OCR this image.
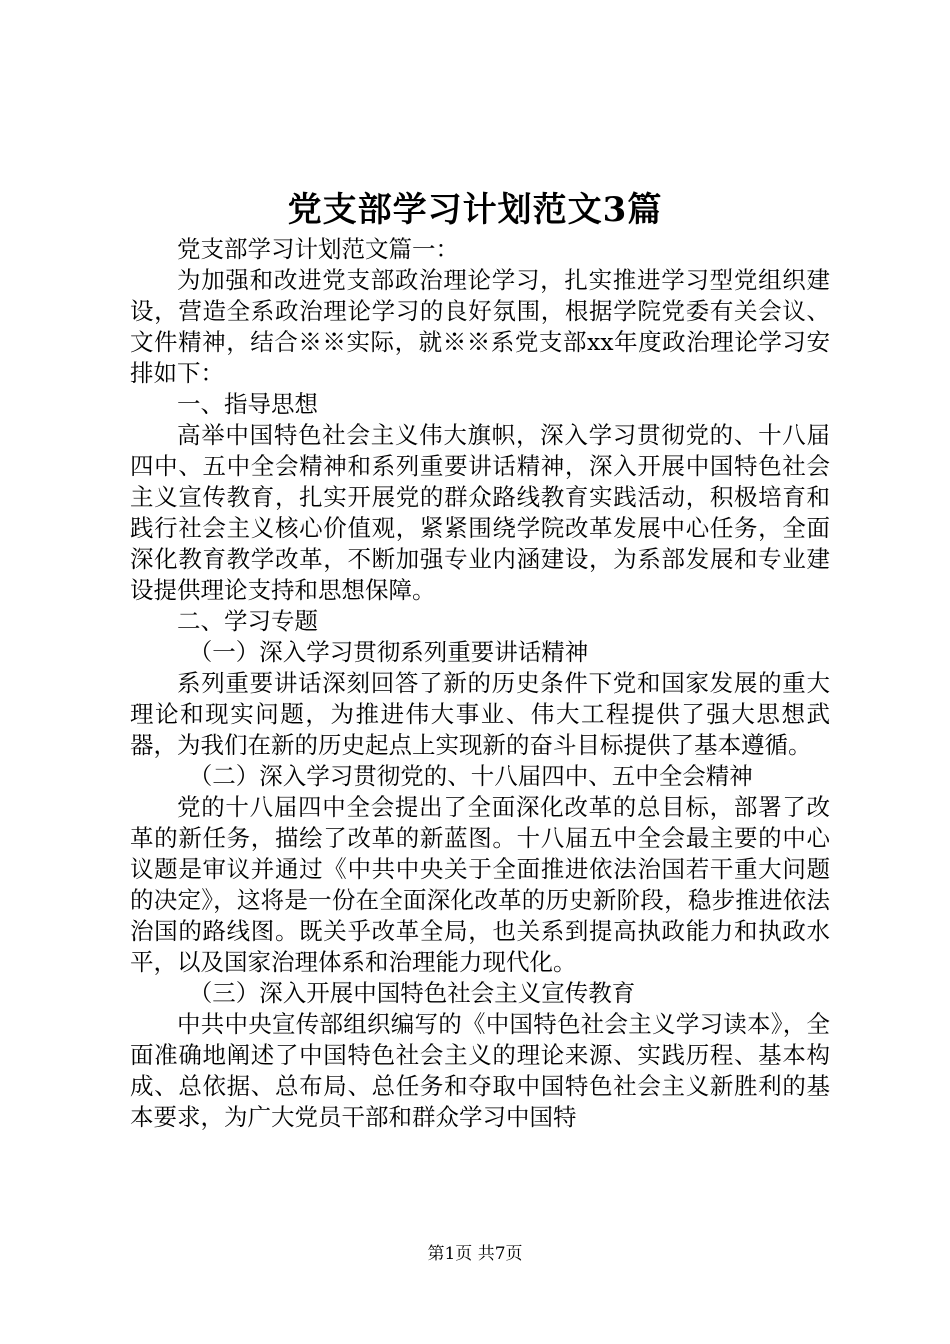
党支部学习计划范文3篇

党支部学习计划范文篇一：

为加强和改进党支部政治理论学习，扎实推进学习型党组织建设，营造全系政治理论学习的良好氛围，根据学院党委有关会议、文件精神，结合※※实际，就※※系党支部xx年度政治理论学习安排如下：

一、指导思想

高举中国特色社会主义伟大旗帜，深入学习贯彻党的、十八届四中、五中全会精神和系列重要讲话精神，深入开展中国特色社会主义宣传教育，扎实开展党的群众路线教育实践活动，积极培育和践行社会主义核心价值观，紧紧围绕学院改革发展中心任务，全面深化教育教学改革，不断加强专业内涵建设，为系部发展和专业建设提供理论支持和思想保障。

二、学习专题

（一）深入学习贯彻系列重要讲话精神

系列重要讲话深刻回答了新的历史条件下党和国家发展的重大理论和现实问题，为推进伟大事业、伟大工程提供了强大思想武器，为我们在新的历史起点上实现新的奋斗目标提供了基本遵循。

（二）深入学习贯彻党的、十八届四中、五中全会精神

党的十八届四中全会提出了全面深化改革的总目标，部署了改革的新任务，描绘了改革的新蓝图。十八届五中全会最主要的中心议题是审议并通过《中共中央关于全面推进依法治国若干重大问题的决定》，这将是一份在全面深化改革的历史新阶段，稳步推进依法治国的路线图。既关乎改革全局，也关系到提高执政能力和执政水平，以及国家治理体系和治理能力现代化。

（三）深入开展中国特色社会主义宣传教育

中共中央宣传部组织编写的《中国特色社会主义学习读本》，全面准确地阐述了中国特色社会主义的理论来源、实践历程、基本构成、总依据、总布局、总任务和夺取中国特色社会主义新胜利的基本要求，为广大党员干部和群众学习中国特

第1页 共7页
